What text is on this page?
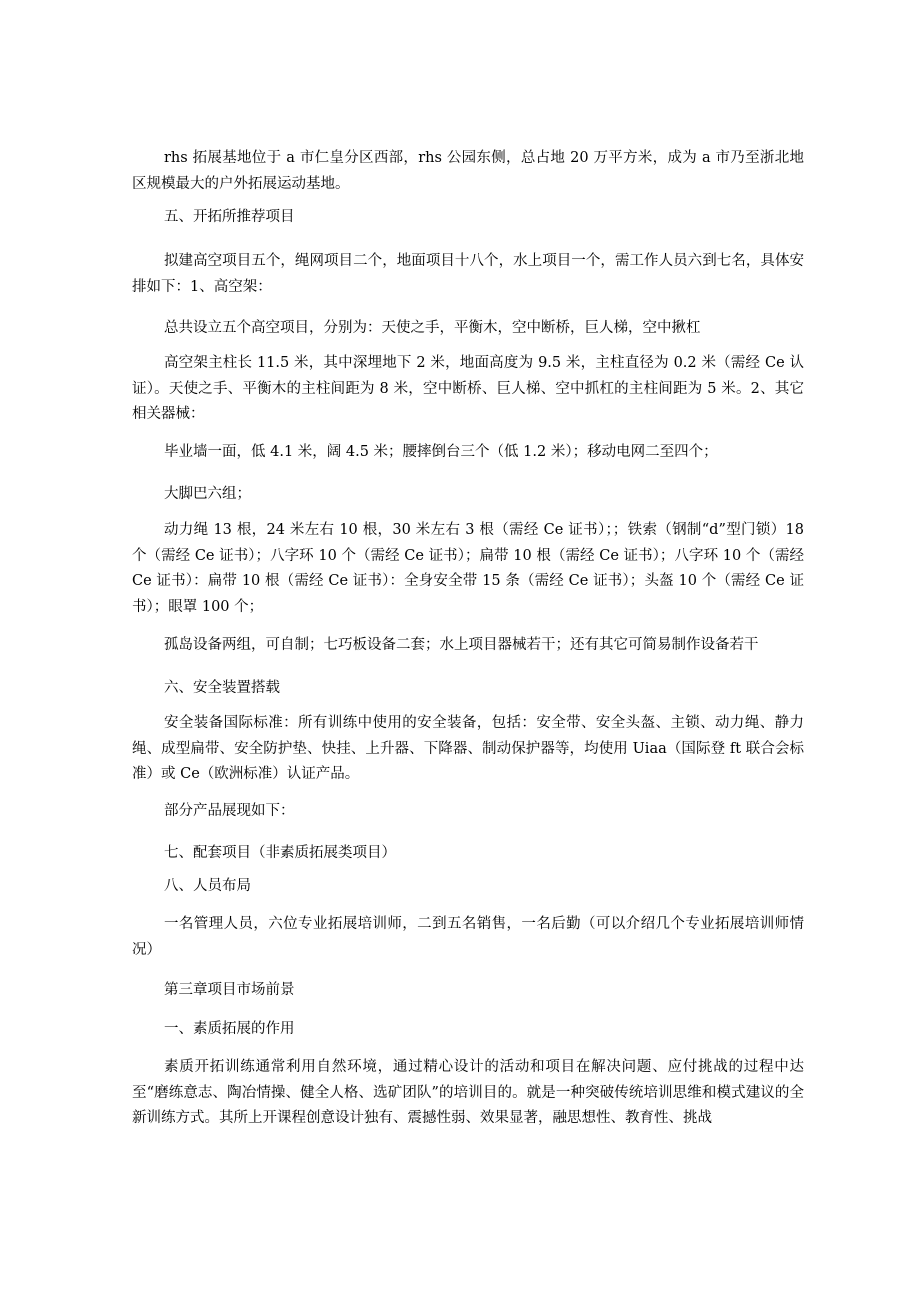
rhs 拓展基地位于 a 市仁皇分区西部，rhs 公园东侧，总占地 20 万平方米，成为 a 市乃至浙北地区规模最大的户外拓展运动基地。

五、开拓所推荐项目

拟建高空项目五个，绳网项目二个，地面项目十八个，水上项目一个，需工作人员六到七名，具体安排如下：1、高空架：

总共设立五个高空项目，分别为：天使之手，平衡木，空中断桥，巨人梯，空中揪杠

高空架主柱长 11.5 米，其中深埋地下 2 米，地面高度为 9.5 米，主柱直径为 0.2 米（需经 Ce 认证）。天使之手、平衡木的主柱间距为 8 米，空中断桥、巨人梯、空中抓杠的主柱间距为 5 米。2、其它相关器械：

毕业墙一面，低 4.1 米，阔 4.5 米；腰摔倒台三个（低 1.2 米）；移动电网二至四个；

大脚巴六组；

动力绳 13 根，24 米左右 10 根，30 米左右 3 根（需经 Ce 证书）；；铁索（钢制“d”型门锁）18 个（需经 Ce 证书）；八字环 10 个（需经 Ce 证书）；扁带 10 根（需经 Ce 证书）；八字环 10 个（需经 Ce 证书）：扁带 10 根（需经 Ce 证书）：全身安全带 15 条（需经 Ce 证书）；头盔 10 个（需经 Ce 证书）；眼罩 100 个；

孤岛设备两组，可自制；七巧板设备二套；水上项目器械若干；还有其它可简易制作设备若干

六、安全装置搭载

安全装备国际标准：所有训练中使用的安全装备，包括：安全带、安全头盔、主锁、动力绳、静力绳、成型扁带、安全防护垫、快挂、上升器、下降器、制动保护器等，均使用 Uiaa（国际登 ft 联合会标准）或 Ce（欧洲标准）认证产品。

部分产品展现如下：

七、配套项目（非素质拓展类项目）

八、人员布局

一名管理人员，六位专业拓展培训师，二到五名销售，一名后勤（可以介绍几个专业拓展培训师情况）

第三章项目市场前景

一、素质拓展的作用

素质开拓训练通常利用自然环境，通过精心设计的活动和项目在解决问题、应付挑战的过程中达至“磨练意志、陶冶情操、健全人格、选矿团队”的培训目的。就是一种突破传统培训思维和模式建议的全新训练方式。其所上开课程创意设计独有、震撼性弱、效果显著，融思想性、教育性、挑战
